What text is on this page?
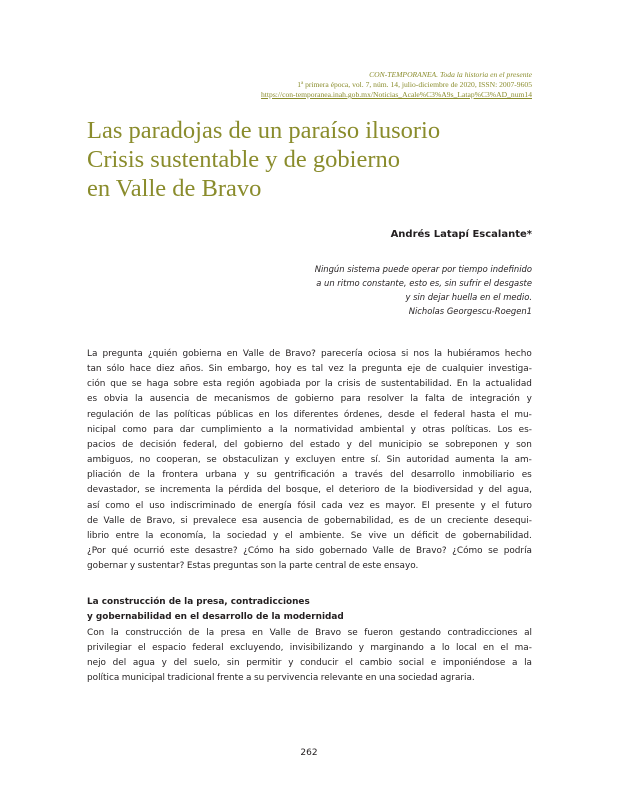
CON-TEMPORANEA. Toda la historia en el presente
1ª primera época, vol. 7, núm. 14, julio-diciembre de 2020, ISSN: 2007-9605
https://con-temporanea.inah.gob.mx/Noticias_Acale%C3%A9s_Latap%C3%AD_num14
Las paradojas de un paraíso ilusorio
Crisis sustentable y de gobierno
en Valle de Bravo
Andrés Latapí Escalante*
Ningún sistema puede operar por tiempo indefinido
a un ritmo constante, esto es, sin sufrir el desgaste
y sin dejar huella en el medio.
Nicholas Georgescu-Roegen1
La pregunta ¿quién gobierna en Valle de Bravo? parecería ociosa si nos la hubiéramos hecho
tan sólo hace diez años. Sin embargo, hoy es tal vez la pregunta eje de cualquier investiga-
ción que se haga sobre esta región agobiada por la crisis de sustentabilidad. En la actualidad
es obvia la ausencia de mecanismos de gobierno para resolver la falta de integración y
regulación de las políticas públicas en los diferentes órdenes, desde el federal hasta el mu-
nicipal como para dar cumplimiento a la normatividad ambiental y otras políticas. Los es-
pacios de decisión federal, del gobierno del estado y del municipio se sobreponen y son
ambiguos, no cooperan, se obstaculizan y excluyen entre sí. Sin autoridad aumenta la am-
pliación de la frontera urbana y su gentrificación a través del desarrollo inmobiliario es
devastador, se incrementa la pérdida del bosque, el deterioro de la biodiversidad y del agua,
así como el uso indiscriminado de energía fósil cada vez es mayor. El presente y el futuro
de Valle de Bravo, si prevalece esa ausencia de gobernabilidad, es de un creciente desequi-
librio entre la economía, la sociedad y el ambiente. Se vive un déficit de gobernabilidad.
¿Por qué ocurrió este desastre? ¿Cómo ha sido gobernado Valle de Bravo? ¿Cómo se podría
gobernar y sustentar? Estas preguntas son la parte central de este ensayo.
La construcción de la presa, contradicciones
y gobernabilidad en el desarrollo de la modernidad
Con la construcción de la presa en Valle de Bravo se fueron gestando contradicciones al
privilegiar el espacio federal excluyendo, invisibilizando y marginando a lo local en el ma-
nejo del agua y del suelo, sin permitir y conducir el cambio social e imponiéndose a la
política municipal tradicional frente a su pervivencia relevante en una sociedad agraria.
262
